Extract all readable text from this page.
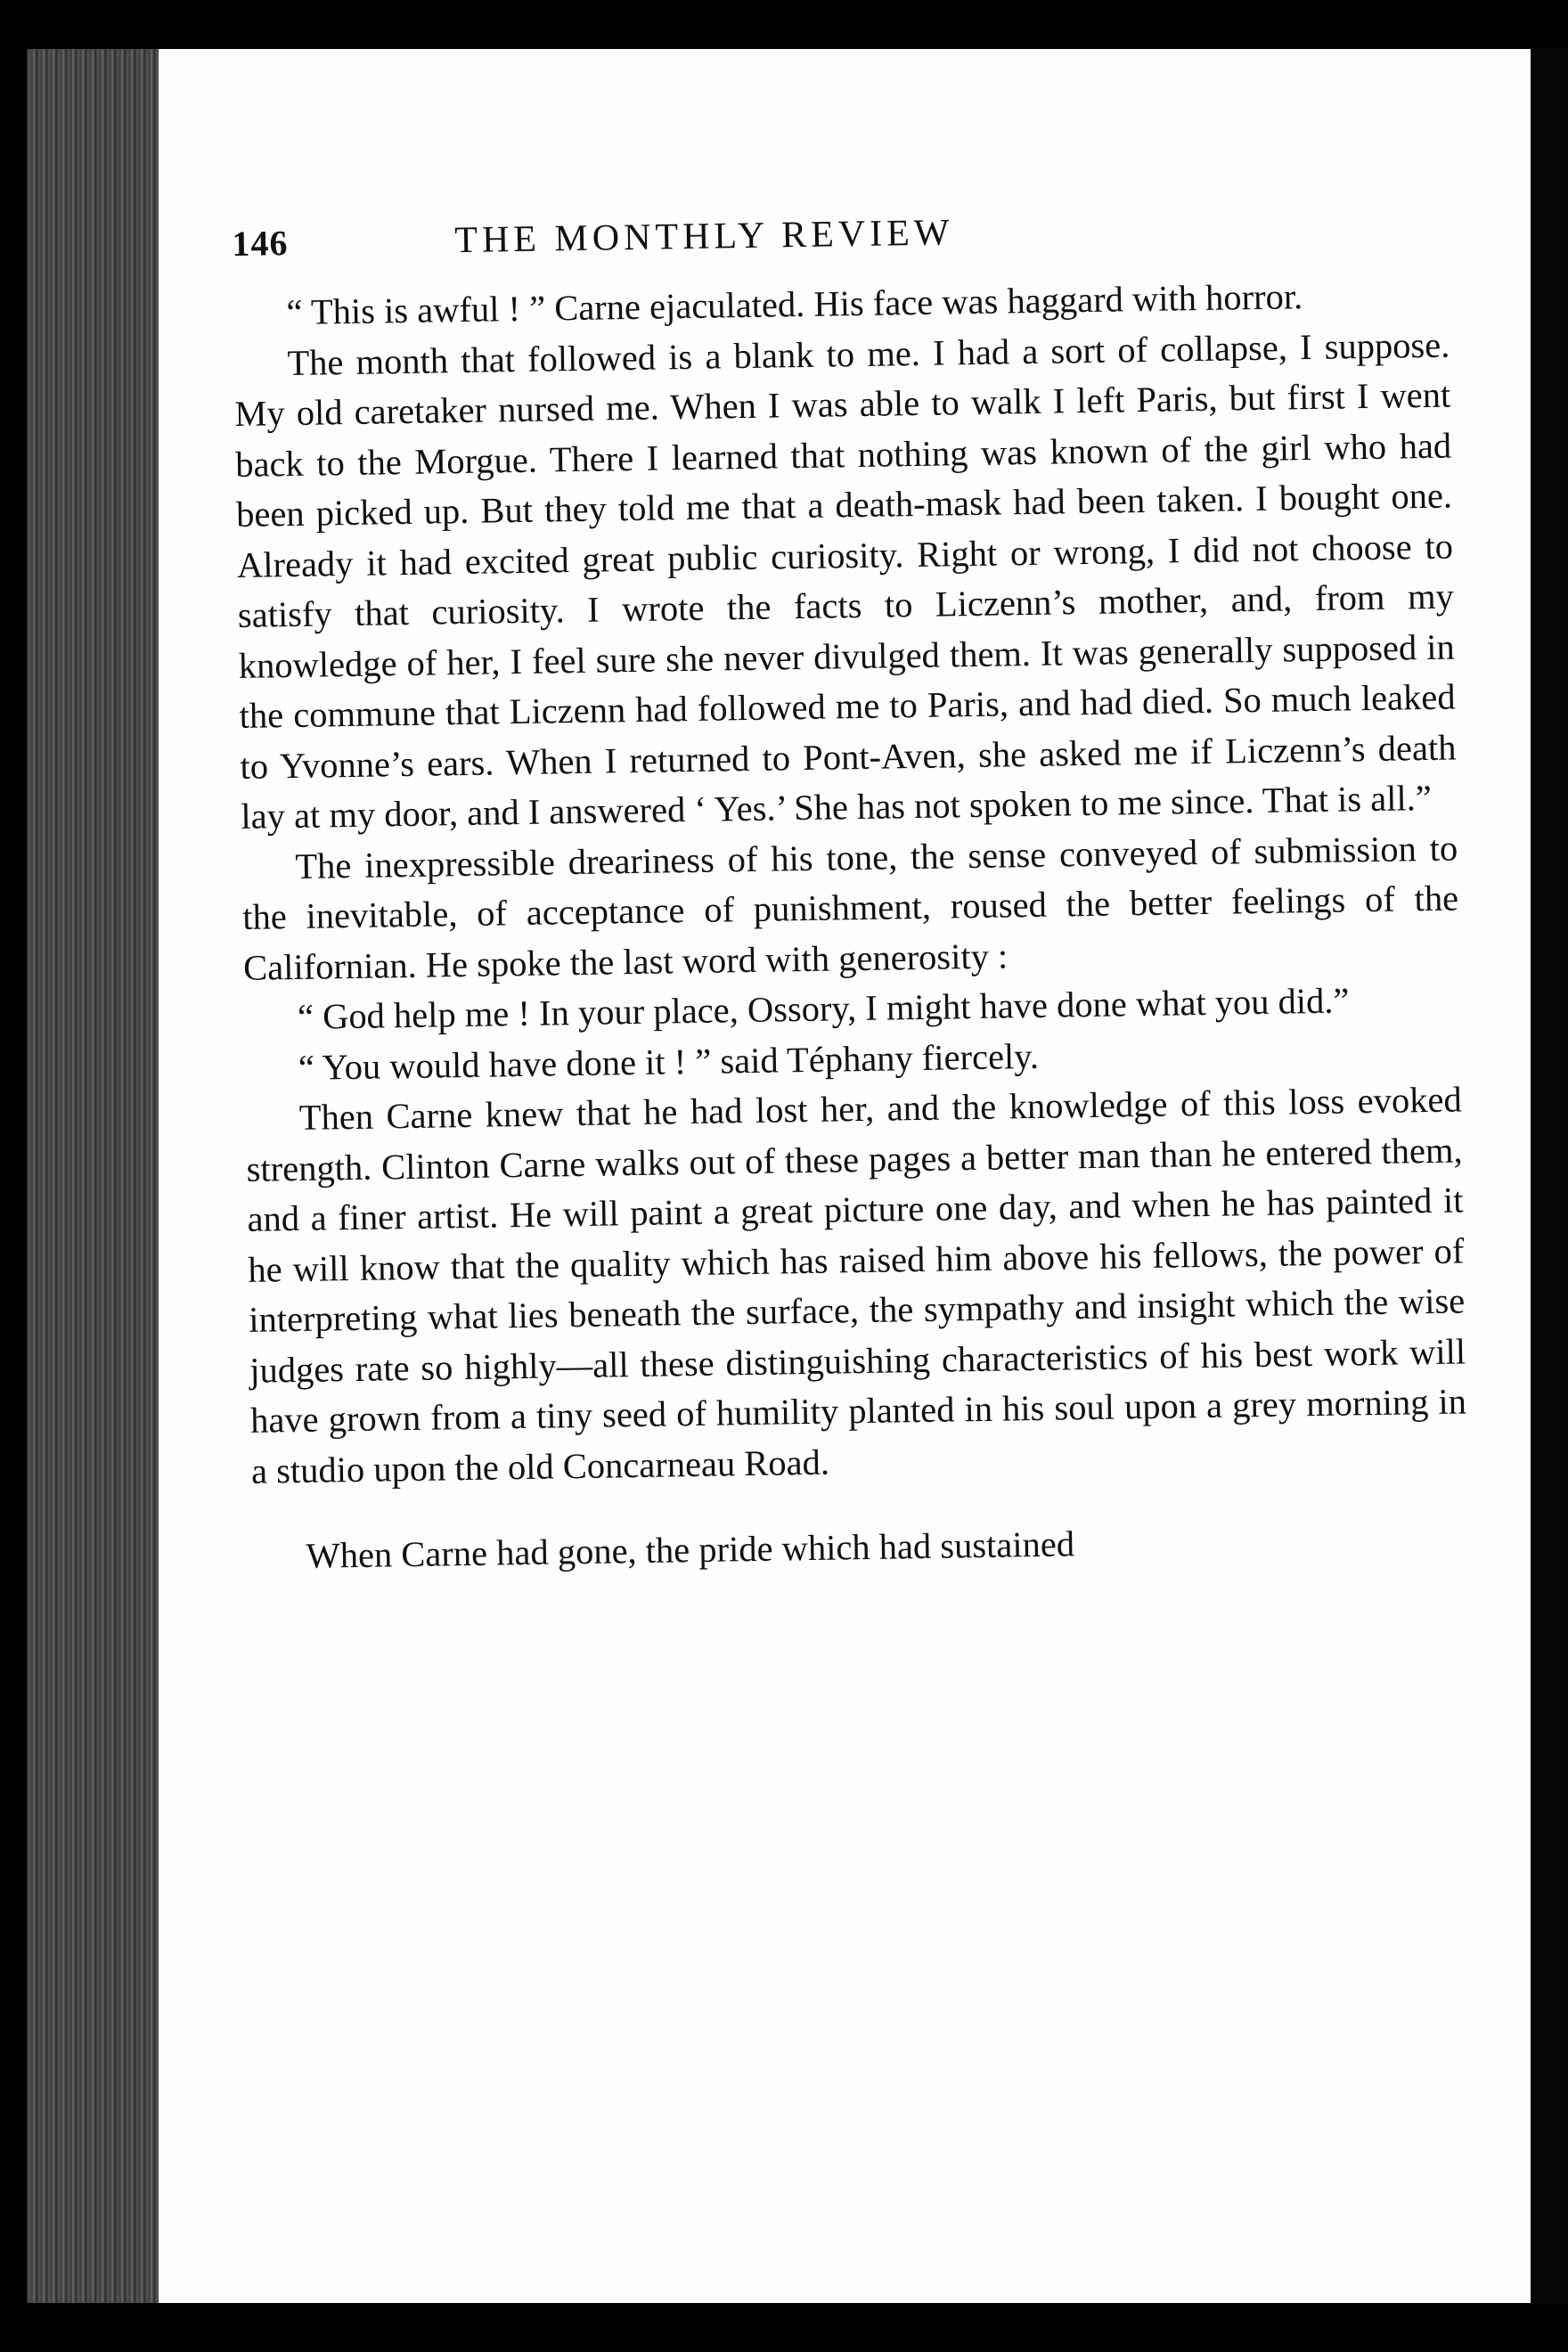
146	THE MONTHLY REVIEW

“ This is awful ! ” Carne ejaculated. His face was haggard with horror.

The month that followed is a blank to me. I had a sort of collapse, I suppose. My old caretaker nursed me. When I was able to walk I left Paris, but first I went back to the Morgue. There I learned that nothing was known of the girl who had been picked up. But they told me that a death-mask had been taken. I bought one. Already it had excited great public curiosity. Right or wrong, I did not choose to satisfy that curiosity. I wrote the facts to Liczenn’s mother, and, from my knowledge of her, I feel sure she never divulged them. It was generally supposed in the commune that Liczenn had followed me to Paris, and had died. So much leaked to Yvonne’s ears. When I returned to Pont-Aven, she asked me if Liczenn’s death lay at my door, and I answered ‘ Yes.’ She has not spoken to me since. That is all.”

The inexpressible dreariness of his tone, the sense conveyed of submission to the inevitable, of acceptance of punishment, roused the better feelings of the Californian. He spoke the last word with generosity :

“ God help me ! In your place, Ossory, I might have done what you did.”

“ You would have done it ! ” said Téphany fiercely.

Then Carne knew that he had lost her, and the knowledge of this loss evoked strength. Clinton Carne walks out of these pages a better man than he entered them, and a finer artist. He will paint a great picture one day, and when he has painted it he will know that the quality which has raised him above his fellows, the power of interpreting what lies beneath the surface, the sympathy and insight which the wise judges rate so highly—all these distinguishing characteristics of his best work will have grown from a tiny seed of humility planted in his soul upon a grey morning in a studio upon the old Concarneau Road.

When Carne had gone, the pride which had sustained
